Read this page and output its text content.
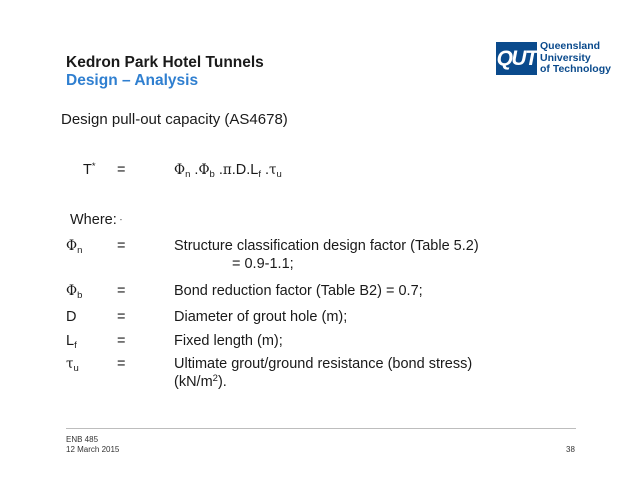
Kedron Park Hotel Tunnels
Design – Analysis
QUT
Queensland
University
of Technology
Design pull-out capacity (AS4678)
T* =	$\Phi_n$ $.\Phi_b$ $.\pi.D.L_f$ $.\tau_u$
Where: -
$\Phi_n$ =	Structure classification design factor (Table 5.2)
= 0.9-1.1;
$\Phi_b$ =	Bond reduction factor (Table B2) = 0.7;
D	=	Diameter of grout hole (m);
$L_f$	=	Fixed length (m);
$\tau_u$	=	Ultimate grout/ground resistance (bond stress)
$(kN/m^2)$.
ENB 485
12 March 2015	38
